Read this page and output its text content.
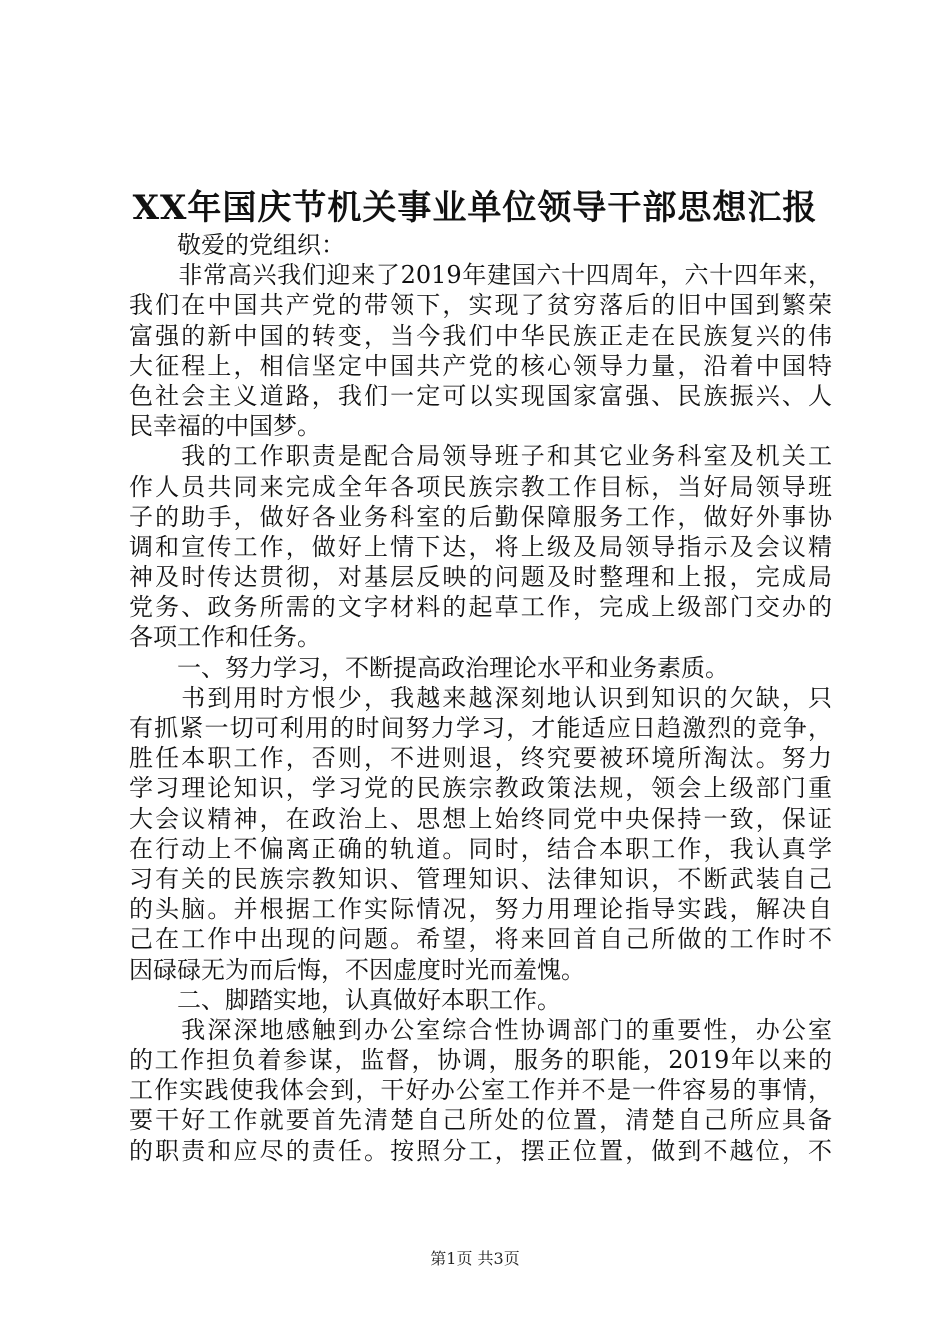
XX年国庆节机关事业单位领导干部思想汇报
　　敬爱的党组织：
　　非常高兴我们迎来了2019年建国六十四周年，六十四年来，
我们在中国共产党的带领下，实现了贫穷落后的旧中国到繁荣
富强的新中国的转变，当今我们中华民族正走在民族复兴的伟
大征程上，相信坚定中国共产党的核心领导力量，沿着中国特
色社会主义道路，我们一定可以实现国家富强、民族振兴、人
民幸福的中国梦。
　　我的工作职责是配合局领导班子和其它业务科室及机关工
作人员共同来完成全年各项民族宗教工作目标，当好局领导班
子的助手，做好各业务科室的后勤保障服务工作，做好外事协
调和宣传工作，做好上情下达，将上级及局领导指示及会议精
神及时传达贯彻，对基层反映的问题及时整理和上报，完成局
党务、政务所需的文字材料的起草工作，完成上级部门交办的
各项工作和任务。
　　一、努力学习，不断提高政治理论水平和业务素质。
　　书到用时方恨少，我越来越深刻地认识到知识的欠缺，只
有抓紧一切可利用的时间努力学习，才能适应日趋激烈的竞争，
胜任本职工作，否则，不进则退，终究要被环境所淘汰。努力
学习理论知识，学习党的民族宗教政策法规，领会上级部门重
大会议精神，在政治上、思想上始终同党中央保持一致，保证
在行动上不偏离正确的轨道。同时，结合本职工作，我认真学
习有关的民族宗教知识、管理知识、法律知识，不断武装自己
的头脑。并根据工作实际情况，努力用理论指导实践，解决自
己在工作中出现的问题。希望，将来回首自己所做的工作时不
因碌碌无为而后悔，不因虚度时光而羞愧。
　　二、脚踏实地，认真做好本职工作。
　　我深深地感触到办公室综合性协调部门的重要性，办公室
的工作担负着参谋，监督，协调，服务的职能，2019年以来的
工作实践使我体会到，干好办公室工作并不是一件容易的事情，
要干好工作就要首先清楚自己所处的位置，清楚自己所应具备
的职责和应尽的责任。按照分工，摆正位置，做到不越位，不
第1页 共3页
